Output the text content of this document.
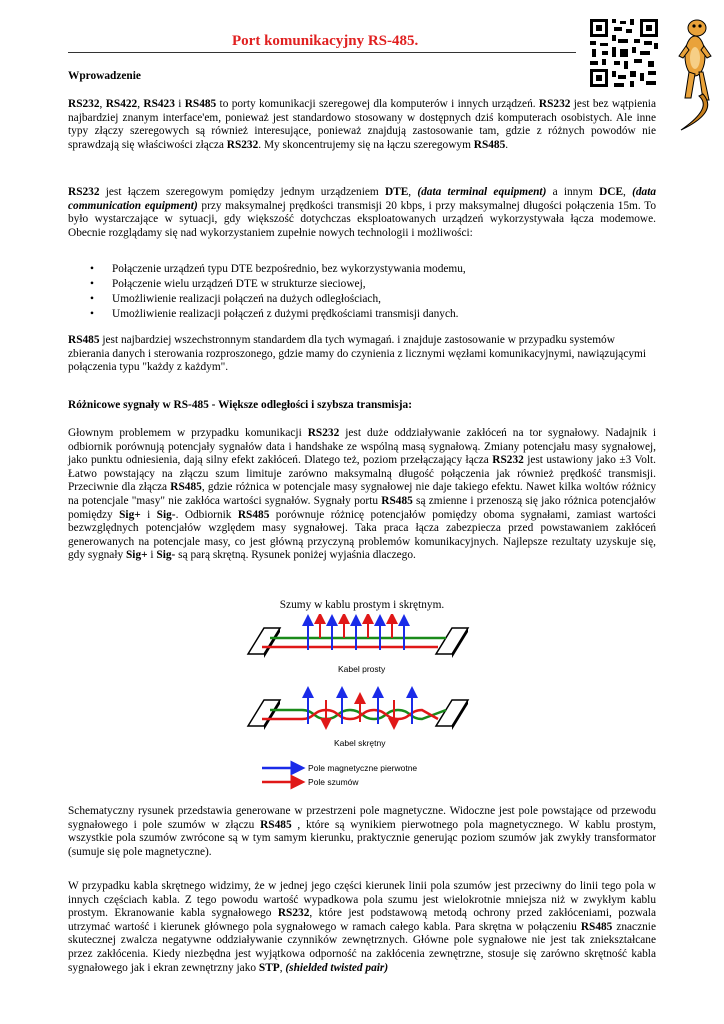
Port komunikacyjny RS-485.
Wprowadzenie
RS232, RS422, RS423 i RS485 to porty komunikacji szeregowej dla komputerów i innych urządzeń. RS232 jest bez wątpienia najbardziej znanym interface'em, ponieważ jest standardowo stosowany w dostępnych dziś komputerach osobistych. Ale inne typy złączy szeregowych są również interesujące, ponieważ znajdują zastosowanie tam, gdzie z różnych powodów nie sprawdzają się właściwości złącza RS232. My skoncentrujemy się na łączu szeregowym RS485.
RS232 jest łączem szeregowym pomiędzy jednym urządzeniem DTE, (data terminal equipment) a innym DCE, (data communication equipment) przy maksymalnej prędkości transmisji 20 kbps, i przy maksymalnej długości połączenia 15m. To było wystarczające w sytuacji, gdy większość dotychczas eksploatowanych urządzeń wykorzystywała łącza modemowe. Obecnie rozglądamy się nad wykorzystaniem zupełnie nowych technologii i możliwości:
• Połączenie urządzeń typu DTE bezpośrednio, bez wykorzystywania modemu,
• Połączenie wielu urządzeń DTE w strukturze sieciowej,
• Umożliwienie realizacji połączeń na dużych odległościach,
• Umożliwienie realizacji połączeń z dużymi prędkościami transmisji danych.
RS485 jest najbardziej wszechstronnym standardem dla tych wymagań. i znajduje zastosowanie w przypadku systemów zbierania danych i sterowania rozproszonego, gdzie mamy do czynienia z licznymi węzłami komunikacyjnymi, nawiązującymi połączenia typu "każdy z każdym".
Różnicowe sygnały w RS-485 - Większe odległości i szybsza transmisja:
Głownym problemem w przypadku komunikacji RS232 jest duże oddziaływanie zakłóceń na tor sygnałowy. Nadajnik i odbiornik porównują potencjały sygnałów data i handshake ze wspólną masą sygnałową. Zmiany potencjału masy sygnałowej, jako punktu odniesienia, dają silny efekt zakłóceń. Dlatego też, poziom przełączający łącza RS232 jest ustawiony jako ±3 Volt. Łatwo powstający na złączu szum limituje zarówno maksymalną długość połączenia jak również prędkość transmisji. Przeciwnie dla złącza RS485, gdzie różnica w potencjale masy sygnałowej nie daje takiego efektu. Nawet kilka woltów różnicy na potencjale "masy" nie zakłóca wartości sygnałów. Sygnały portu RS485 są zmienne i przenoszą się jako różnica potencjałów pomiędzy Sig+ i Sig-. Odbiornik RS485 porównuje różnicę potencjałów pomiędzy oboma sygnałami, zamiast wartości bezwzględnych potencjałów względem masy sygnałowej. Taka praca łącza zabezpiecza przed powstawaniem zakłóceń generowanych na potencjale masy, co jest główną przyczyną problemów komunikacyjnych. Najlepsze rezultaty uzyskuje się, gdy sygnały Sig+ i Sig- są parą skrętną. Rysunek poniżej wyjaśnia dlaczego.
Szumy w kablu prostym i skrętnym.
Kabel prosty
Kabel skrętny
Pole magnetyczne pierwotne
Pole szumów
Schematyczny rysunek przedstawia generowane w przestrzeni pole magnetyczne. Widoczne jest pole powstające od przewodu sygnałowego i pole szumów w złączu RS485 , które są wynikiem pierwotnego pola magnetycznego. W kablu prostym, wszystkie pola szumów zwrócone są w tym samym kierunku, praktycznie generując poziom szumów jak zwykły transformator (sumuje się pole magnetyczne).
W przypadku kabla skrętnego widzimy, że w jednej jego części kierunek linii pola szumów jest przeciwny do linii tego pola w innych częściach kabla. Z tego powodu wartość wypadkowa pola szumu jest wielokrotnie mniejsza niż w zwykłym kablu prostym. Ekranowanie kabla sygnałowego RS232, które jest podstawową metodą ochrony przed zakłóceniami, pozwala utrzymać wartość i kierunek głównego pola sygnałowego w ramach całego kabla. Para skrętna w połączeniu RS485 znacznie skutecznej zwalcza negatywne oddziaływanie czynników zewnętrznych. Główne pole sygnałowe nie jest tak zniekształcane przez zakłócenia. Kiedy niezbędna jest wyjątkowa odporność na zakłócenia zewnętrzne, stosuje się zarówno skrętność kabla sygnałowego jak i ekran zewnętrzny jako STP, (shielded twisted pair)
